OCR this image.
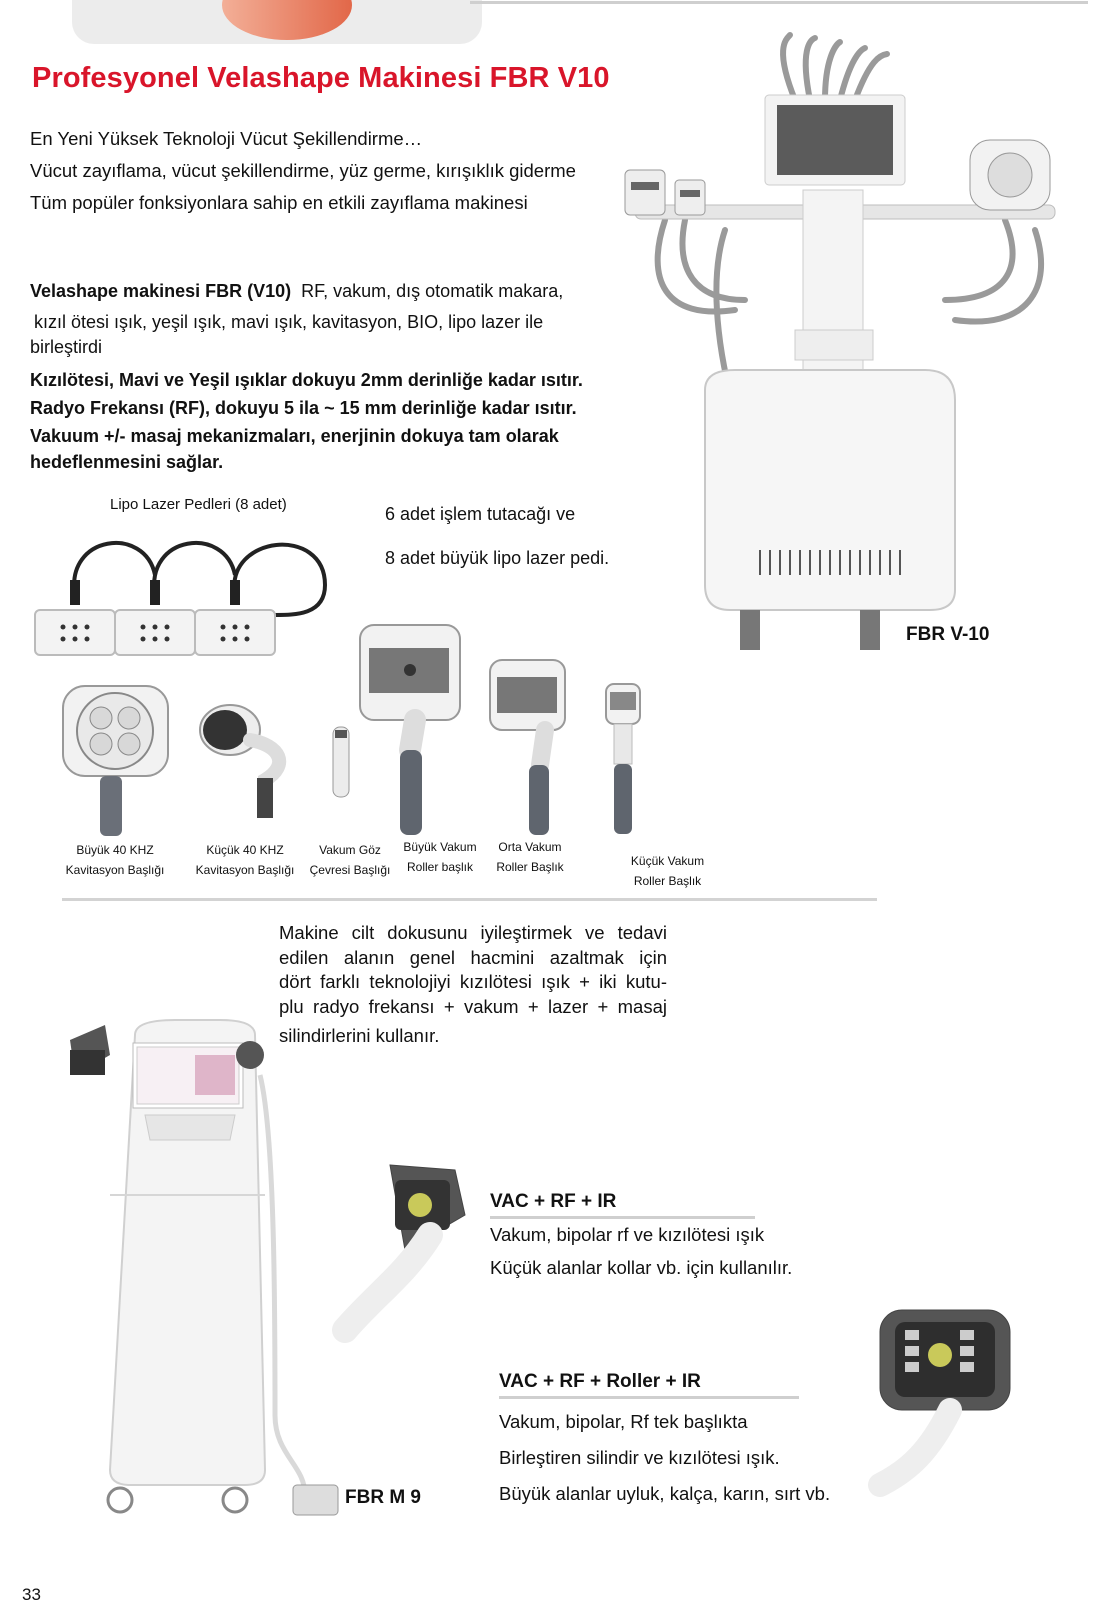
Profesyonel Velashape Makinesi FBR V10
En Yeni Yüksek Teknoloji Vücut Şekillendirme…
Vücut zayıflama, vücut şekillendirme, yüz germe, kırışıklık giderme
Tüm popüler fonksiyonlara sahip en etkili zayıflama makinesi
Velashape makinesi FBR (V10) RF, vakum, dış otomatik makara,
kızıl ötesi ışık, yeşil ışık, mavi ışık, kavitasyon, BIO, lipo lazer ile
birleştirdi
Kızılötesi, Mavi ve Yeşil ışıklar dokuyu 2mm derinliğe kadar ısıtır.
Radyo Frekansı (RF), dokuyu 5 ila ~ 15 mm derinliğe kadar ısıtır.
Vakuum +/- masaj mekanizmaları, enerjinin dokuya tam olarak
hedeflenmesini sağlar.
FBR V-10
Lipo Lazer Pedleri (8 adet)	6 adet işlem tutacağı ve
8 adet büyük lipo lazer pedi.
Büyük 40 KHZ
Kavitasyon Başlığı
Küçük 40 KHZ
Kavitasyon Başlığı
Vakum Göz
Çevresi Başlığı
Büyük Vakum
Roller başlık
Orta Vakum
Roller Başlık	Küçük Vakum
Roller Başlık
Makine cilt dokusunu iyileştirmek ve tedavi
edilen alanın genel hacmini azaltmak için
dört farklı teknolojiyi kızılötesi ışık + iki kutu-
plu radyo frekansı + vakum + lazer + masaj
silindirlerini kullanır.
FBR M 9
VAC + RF + IR
Vakum, bipolar rf ve kızılötesi ışık
Küçük alanlar kollar vb. için kullanılır.
VAC + RF + Roller + IR
Vakum, bipolar, Rf tek başlıkta
Birleştiren silindir ve kızılötesi ışık.
Büyük alanlar uyluk, kalça, karın, sırt vb.
33
